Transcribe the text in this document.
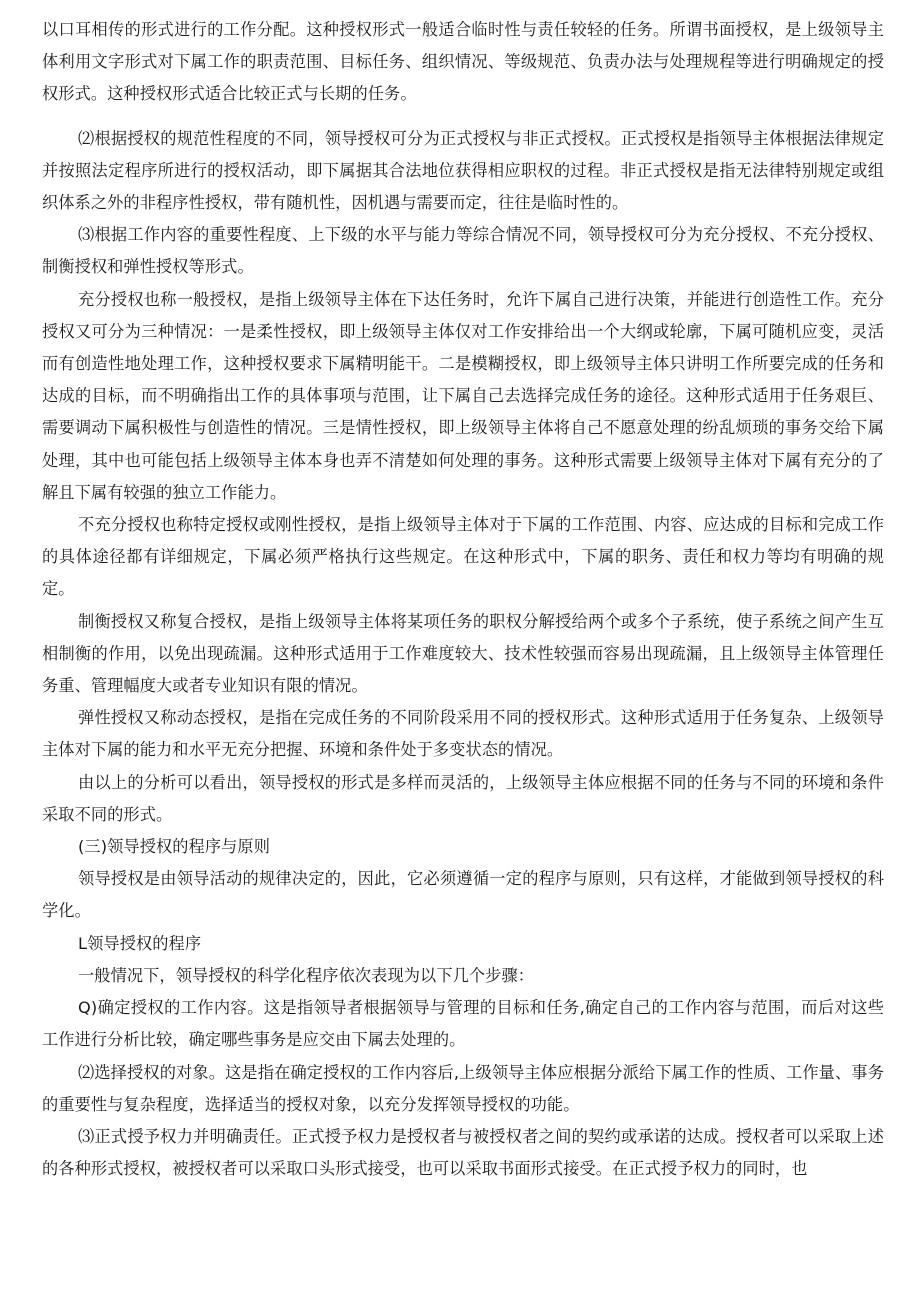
以口耳相传的形式进行的工作分配。这种授权形式一般适合临时性与责任较轻的任务。所谓书面授权，是上级领导主体利用文字形式对下属工作的职责范围、目标任务、组织情况、等级规范、负责办法与处理规程等进行明确规定的授权形式。这种授权形式适合比较正式与长期的任务。

⑵根据授权的规范性程度的不同，领导授权可分为正式授权与非正式授权。正式授权是指领导主体根据法律规定并按照法定程序所进行的授权活动，即下属据其合法地位获得相应职权的过程。非正式授权是指无法律特别规定或组织体系之外的非程序性授权，带有随机性，因机遇与需要而定，往往是临时性的。

⑶根据工作内容的重要性程度、上下级的水平与能力等综合情况不同，领导授权可分为充分授权、不充分授权、制衡授权和弹性授权等形式。

充分授权也称一般授权，是指上级领导主体在下达任务时，允许下属自己进行决策，并能进行创造性工作。充分授权又可分为三种情况：一是柔性授权，即上级领导主体仅对工作安排给出一个大纲或轮廓，下属可随机应变，灵活而有创造性地处理工作，这种授权要求下属精明能干。二是模糊授权，即上级领导主体只讲明工作所要完成的任务和达成的目标，而不明确指出工作的具体事项与范围，让下属自己去选择完成任务的途径。这种形式适用于任务艰巨、需要调动下属积极性与创造性的情况。三是情性授权，即上级领导主体将自己不愿意处理的纷乱烦琐的事务交给下属处理，其中也可能包括上级领导主体本身也弄不清楚如何处理的事务。这种形式需要上级领导主体对下属有充分的了解且下属有较强的独立工作能力。

不充分授权也称特定授权或刚性授权，是指上级领导主体对于下属的工作范围、内容、应达成的目标和完成工作的具体途径都有详细规定，下属必须严格执行这些规定。在这种形式中，下属的职务、责任和权力等均有明确的规定。

制衡授权又称复合授权，是指上级领导主体将某项任务的职权分解授给两个或多个子系统，使子系统之间产生互相制衡的作用，以免出现疏漏。这种形式适用于工作难度较大、技术性较强而容易出现疏漏，且上级领导主体管理任务重、管理幅度大或者专业知识有限的情况。

弹性授权又称动态授权，是指在完成任务的不同阶段采用不同的授权形式。这种形式适用于任务复杂、上级领导主体对下属的能力和水平无充分把握、环境和条件处于多变状态的情况。

由以上的分析可以看出，领导授权的形式是多样而灵活的，上级领导主体应根据不同的任务与不同的环境和条件采取不同的形式。

(三)领导授权的程序与原则

领导授权是由领导活动的规律决定的，因此，它必须遵循一定的程序与原则，只有这样，才能做到领导授权的科学化。

L领导授权的程序

一般情况下，领导授权的科学化程序依次表现为以下几个步骤：

Q)确定授权的工作内容。这是指领导者根据领导与管理的目标和任务,确定自己的工作内容与范围，而后对这些工作进行分析比较，确定哪些事务是应交由下属去处理的。

⑵选择授权的对象。这是指在确定授权的工作内容后,上级领导主体应根据分派给下属工作的性质、工作量、事务的重要性与复杂程度，选择适当的授权对象，以充分发挥领导授权的功能。

⑶正式授予权力并明确责任。正式授予权力是授权者与被授权者之间的契约或承诺的达成。授权者可以采取上述的各种形式授权，被授权者可以采取口头形式接受，也可以采取书面形式接受。在正式授予权力的同时，也
